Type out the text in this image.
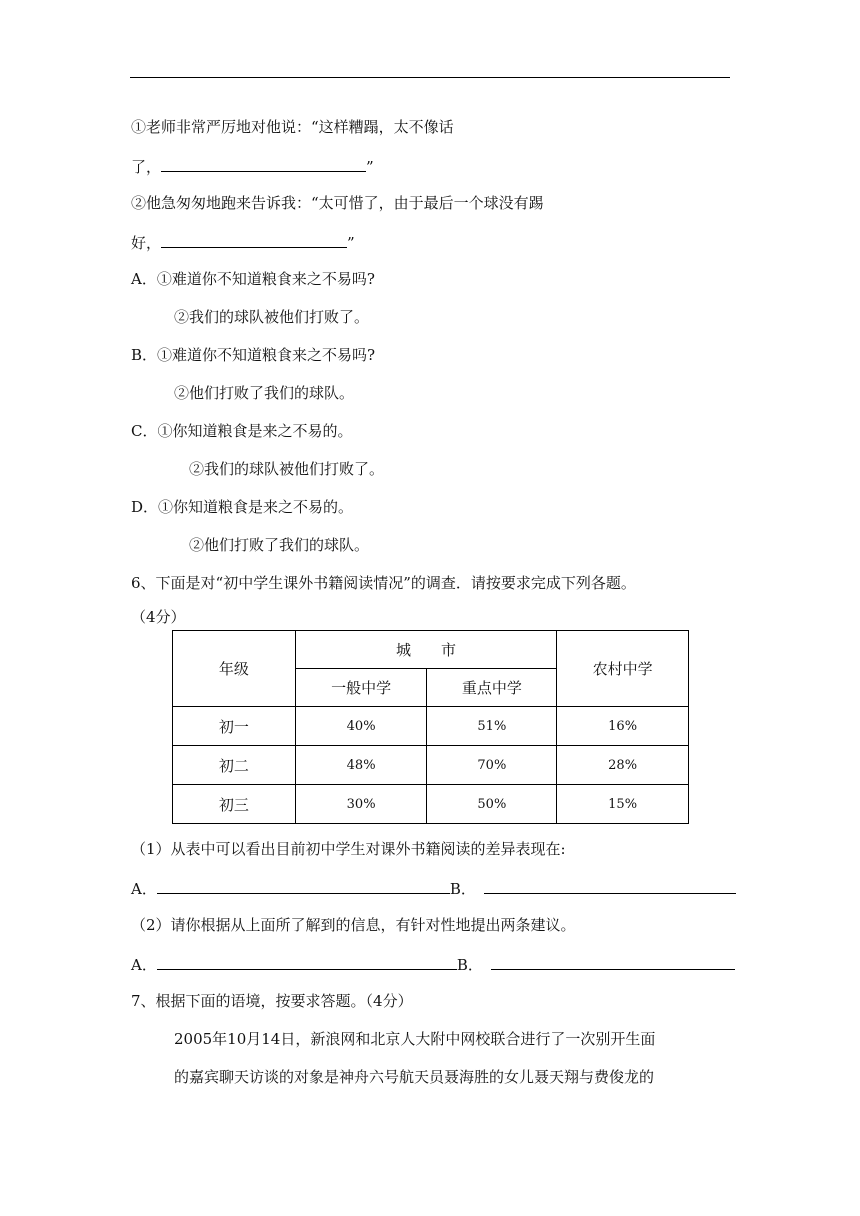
①老师非常严厉地对他说：“这样糟蹋，太不像话
了，	”
②他急匆匆地跑来告诉我：“太可惜了，由于最后一个球没有踢
好，	”
A．①难道你不知道粮食来之不易吗?
②我们的球队被他们打败了。
B．①难道你不知道粮食来之不易吗?
②他们打败了我们的球队。
C．①你知道粮食是来之不易的。
②我们的球队被他们打败了。
D．①你知道粮食是来之不易的。
②他们打败了我们的球队。
6、下面是对“初中学生课外书籍阅读情况”的调查．请按要求完成下列各题。
（4分）
年级	城　　市		农村中学
	一般中学	重点中学	
初一	40%	51%	16%
初二	48%	70%	28%
初三	30%	50%	15%
（1）从表中可以看出目前初中学生对课外书籍阅读的差异表现在:
A．	B．
（2）请你根据从上面所了解到的信息，有针对性地提出两条建议。
A．	B．
7、根据下面的语境，按要求答题。（4分）
2005年10月14日，新浪网和北京人大附中网校联合进行了一次别开生面
的嘉宾聊天访谈的对象是神舟六号航天员聂海胜的女儿聂天翔与费俊龙的
